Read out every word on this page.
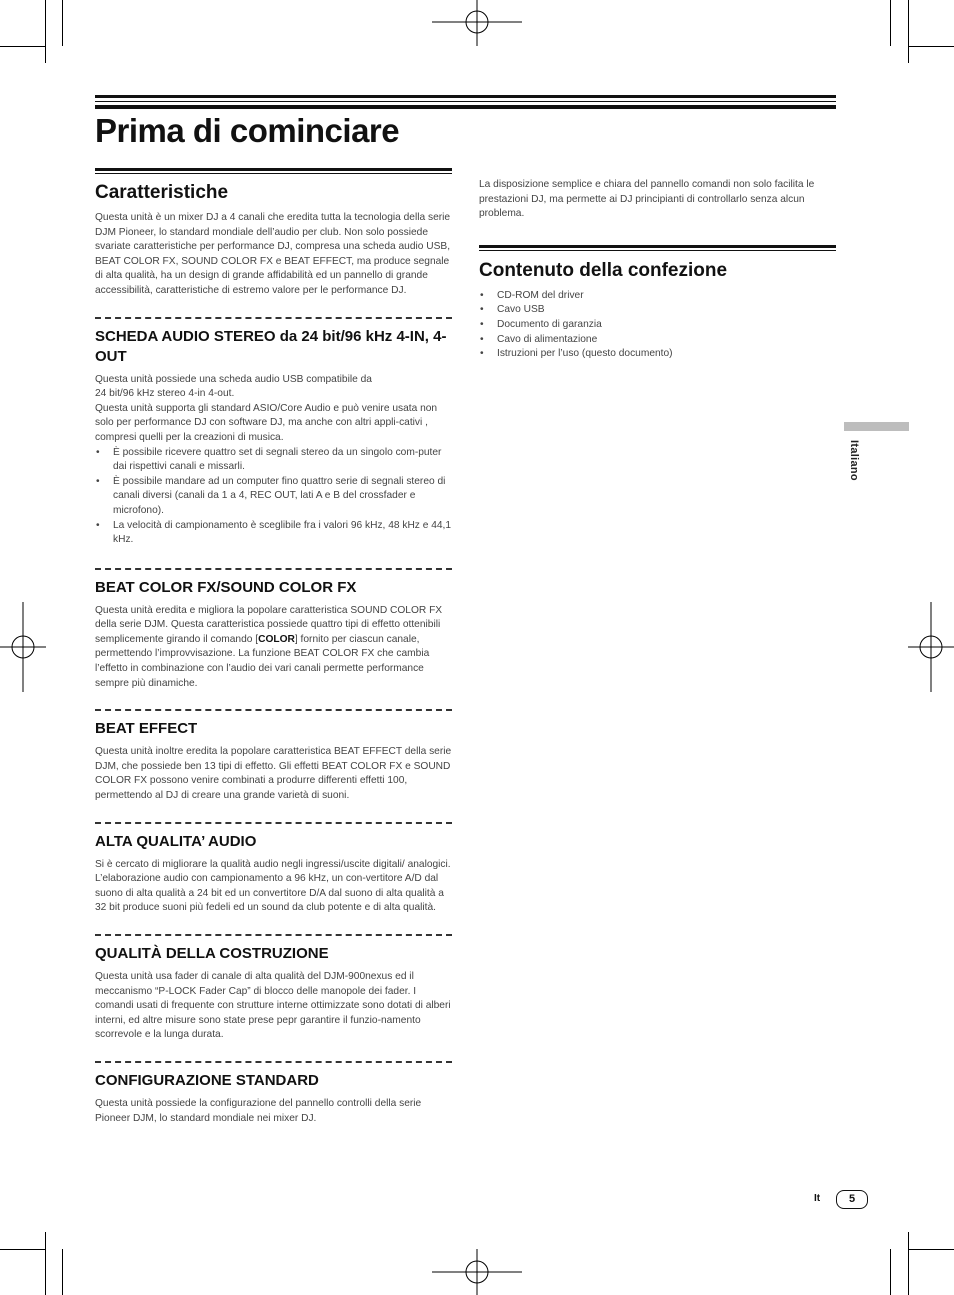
Prima di cominciare
Caratteristiche

Questa unità è un mixer DJ a 4 canali che eredita tutta la tecnologia della serie DJM Pioneer, lo standard mondiale dell’audio per club. Non solo possiede svariate caratteristiche per performance DJ, compresa una scheda audio USB, BEAT COLOR FX, SOUND COLOR FX e BEAT EFFECT, ma produce segnale di alta qualità, ha un design di grande affidabilità ed un pannello di grande accessibilità, caratteristiche di estremo valore per le performance DJ.

SCHEDA AUDIO STEREO da 24 bit/96 kHz 4-IN, 4-OUT

Questa unità possiede una scheda audio USB compatibile da

24 bit/96 kHz stereo 4-in 4-out.

Questa unità supporta gli standard ASIO/Core Audio e può venire usata non solo per performance DJ con software DJ, ma anche con altri appli-cativi , compresi quelli per la creazioni di musica.

• È possibile ricevere quattro set di segnali stereo da un singolo com-puter dai rispettivi canali e missarli.
• È possibile mandare ad un computer fino quattro serie di segnali stereo di canali diversi (canali da 1 a 4, REC OUT, lati A e B del crossfader e microfono).
• La velocità di campionamento è sceglibile fra i valori 96 kHz, 48 kHz e 44,1 kHz.
BEAT COLOR FX/SOUND COLOR FX

Questa unità eredita e migliora la popolare caratteristica SOUND COLOR FX della serie DJM. Questa caratteristica possiede quattro tipi di effetto ottenibili semplicemente girando il comando [COLOR] fornito per ciascun canale, permettendo l’improvvisazione. La funzione BEAT COLOR FX che cambia l’effetto in combinazione con l’audio dei vari canali permette performance sempre più dinamiche.

BEAT EFFECT

Questa unità inoltre eredita la popolare caratteristica BEAT EFFECT della serie DJM, che possiede ben 13 tipi di effetto. Gli effetti BEAT COLOR FX e SOUND COLOR FX possono venire combinati a produrre differenti effetti 100, permettendo al DJ di creare una grande varietà di suoni.

ALTA QUALITA’ AUDIO

Si è cercato di migliorare la qualità audio negli ingressi/uscite digitali/ analogici. L’elaborazione audio con campionamento a 96 kHz, un con-vertitore A/D dal suono di alta qualità a 24 bit ed un convertitore D/A dal suono di alta qualità a 32 bit produce suoni più fedeli ed un sound da club potente e di alta qualità.

QUALITÀ DELLA COSTRUZIONE

Questa unità usa fader di canale di alta qualità del DJM-900nexus ed il meccanismo “P-LOCK Fader Cap” di blocco delle manopole dei fader. I comandi usati di frequente con strutture interne ottimizzate sono dotati di alberi interni, ed altre misure sono state prese pepr garantire il funzio-namento scorrevole e la lunga durata.

CONFIGURAZIONE STANDARD

Questa unità possiede la configurazione del pannello controlli della serie Pioneer DJM, lo standard mondiale nei mixer DJ.

La disposizione semplice e chiara del pannello comandi non solo facilita le prestazioni DJ, ma permette ai DJ principianti di controllarlo senza alcun problema.

Contenuto della confezione
• CD-ROM del driver
• Cavo USB
• Documento di garanzia
• Cavo di alimentazione
• Istruzioni per l’uso (questo documento)
Italiano
It	5
